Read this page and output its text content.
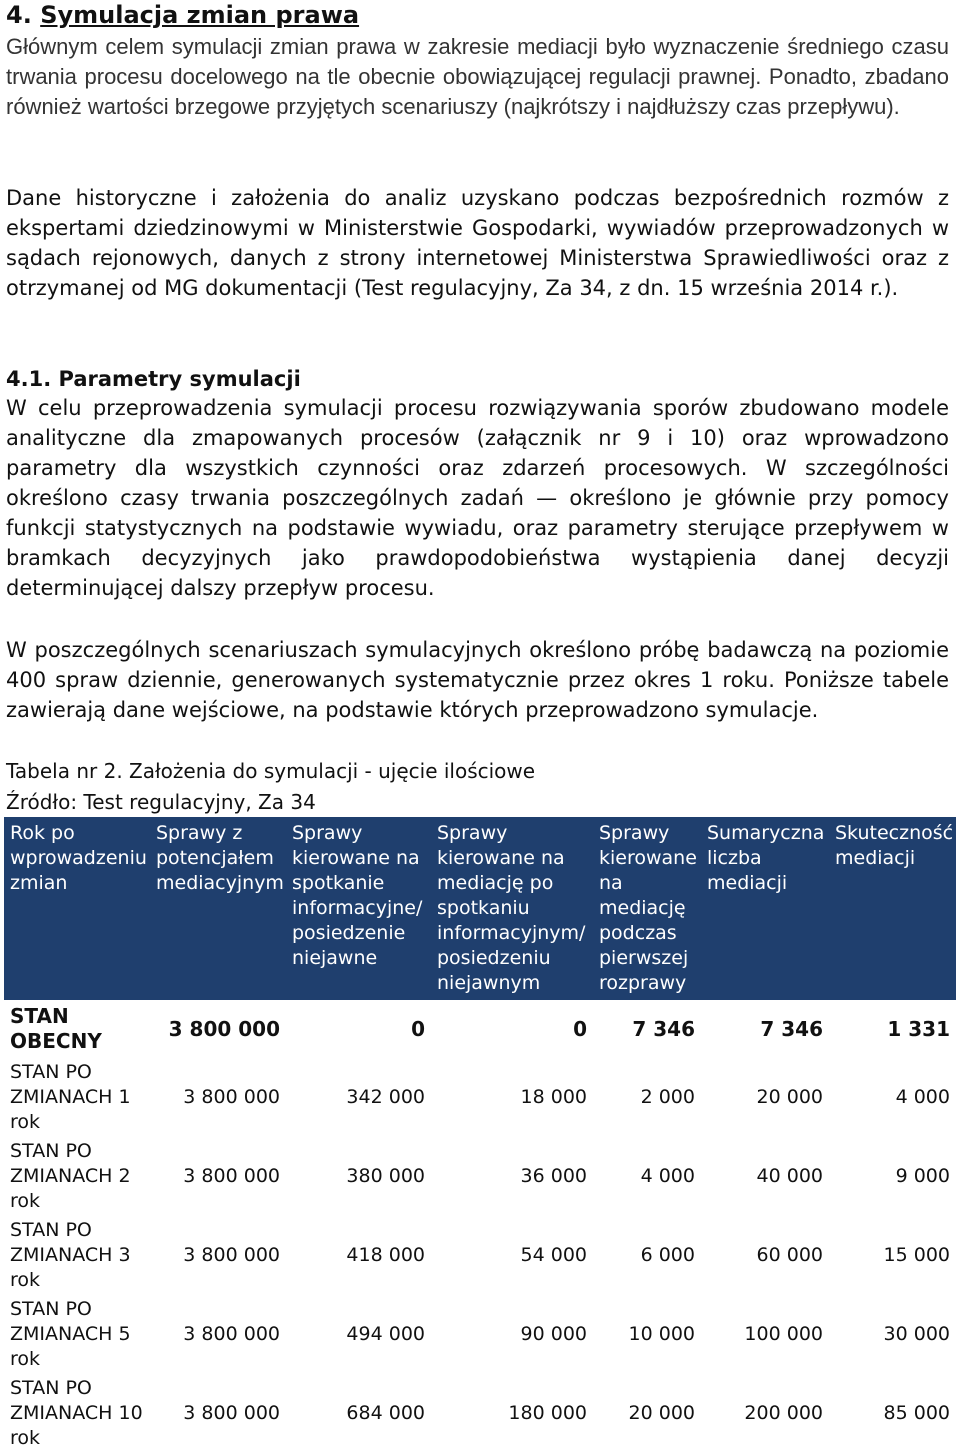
4. Symulacja zmian prawa

Głównym celem symulacji zmian prawa w zakresie mediacji było wyznaczenie średniego czasu trwania procesu docelowego na tle obecnie obowiązującej regulacji prawnej. Ponadto, zbadano również wartości brzegowe przyjętych scenariuszy (najkrótszy i najdłuższy czas przepływu).

Dane historyczne i założenia do analiz uzyskano podczas bezpośrednich rozmów z ekspertami dziedzinowymi w Ministerstwie Gospodarki, wywiadów przeprowadzonych w sądach rejonowych, danych z strony internetowej Ministerstwa Sprawiedliwości oraz z otrzymanej od MG dokumentacji (Test regulacyjny, Za 34, z dn. 15 września 2014 r.).

4.1. Parametry symulacji

W celu przeprowadzenia symulacji procesu rozwiązywania sporów zbudowano modele analityczne dla zmapowanych procesów (załącznik nr 9 i 10) oraz wprowadzono parametry dla wszystkich czynności oraz zdarzeń procesowych. W szczególności określono czasy trwania poszczególnych zadań — określono je głównie przy pomocy funkcji statystycznych na podstawie wywiadu, oraz parametry sterujące przepływem w bramkach decyzyjnych jako prawdopodobieństwa wystąpienia danej decyzji determinującej dalszy przepływ procesu.

W poszczególnych scenariuszach symulacyjnych określono próbę badawczą na poziomie 400 spraw dziennie, generowanych systematycznie przez okres 1 roku. Poniższe tabele zawierają dane wejściowe, na podstawie których przeprowadzono symulacje.

Tabela nr 2. Założenia do symulacji - ujęcie ilościowe
Źródło: Test regulacyjny, Za 34
Rok po wprowadzeniu zmian	Sprawy z potencjałem mediacyjnym	Sprawy kierowane na spotkanie informacyjne/ posiedzenie niejawne	Sprawy kierowane na mediację po spotkaniu informacyjnym/ posiedzeniu niejawnym	Sprawy kierowane na mediację podczas pierwszej rozprawy	Sumaryczna liczba mediacji	Skuteczność mediacji
STAN OBECNY	3 800 000	0	0	7 346	7 346	1 331
STAN PO ZMIANACH 1 rok	3 800 000	342 000	18 000	2 000	20 000	4 000
STAN PO ZMIANACH 2 rok	3 800 000	380 000	36 000	4 000	40 000	9 000
STAN PO ZMIANACH 3 rok	3 800 000	418 000	54 000	6 000	60 000	15 000
STAN PO ZMIANACH 5 rok	3 800 000	494 000	90 000	10 000	100 000	30 000
STAN PO ZMIANACH 10 rok	3 800 000	684 000	180 000	20 000	200 000	85 000
